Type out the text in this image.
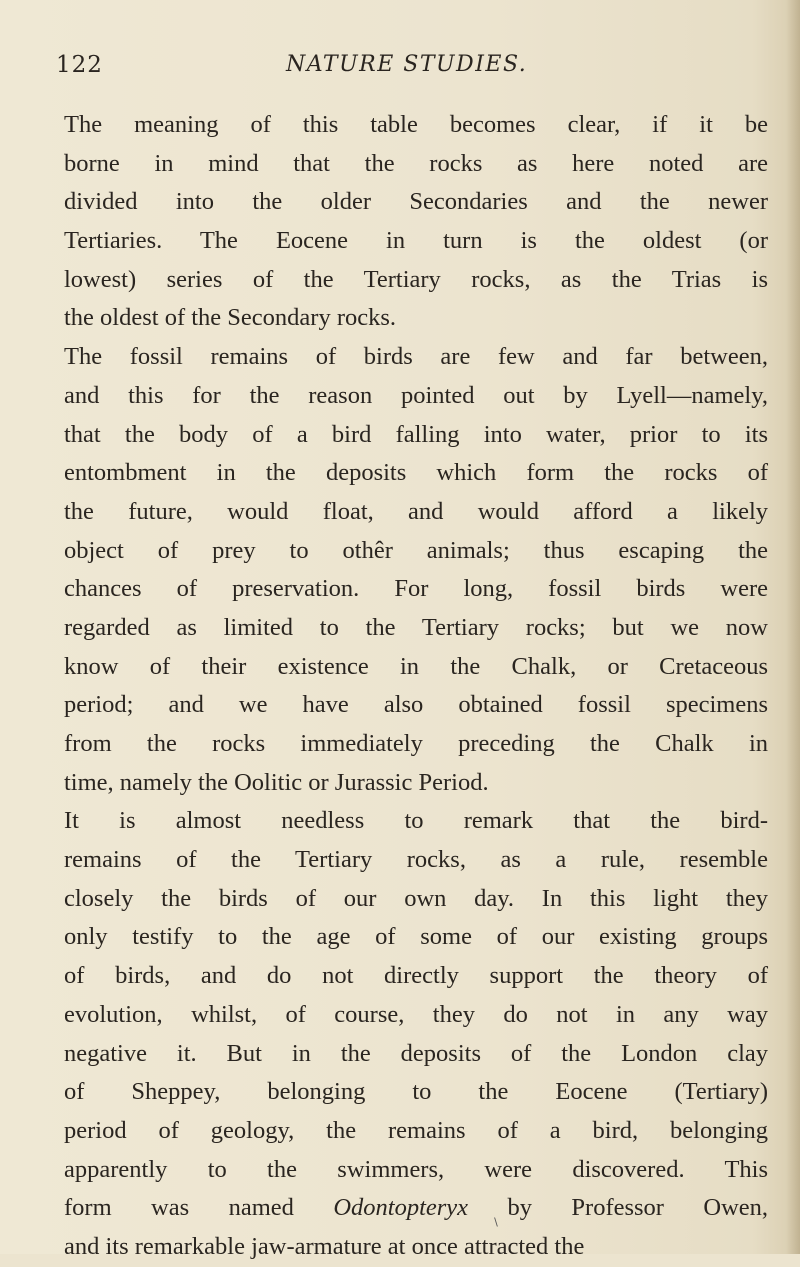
122	NATURE STUDIES.
The meaning of this table becomes clear, if it be
borne in mind that the rocks as here noted are
divided into the older Secondaries and the newer
Tertiaries. The Eocene in turn is the oldest (or
lowest) series of the Tertiary rocks, as the Trias is
the oldest of the Secondary rocks.
The fossil remains of birds are few and far between,
and this for the reason pointed out by Lyell—namely,
that the body of a bird falling into water, prior to its
entombment in the deposits which form the rocks of
the future, would float, and would afford a likely
object of prey to othêr animals; thus escaping the
chances of preservation. For long, fossil birds were
regarded as limited to the Tertiary rocks; but we now
know of their existence in the Chalk, or Cretaceous
period; and we have also obtained fossil specimens
from the rocks immediately preceding the Chalk in
time, namely the Oolitic or Jurassic Period.
It is almost needless to remark that the bird-
remains of the Tertiary rocks, as a rule, resemble
closely the birds of our own day. In this light they
only testify to the age of some of our existing groups
of birds, and do not directly support the theory of
evolution, whilst, of course, they do not in any way
negative it. But in the deposits of the London clay
of Sheppey, belonging to the Eocene (Tertiary)
period of geology, the remains of a bird, belonging
apparently to the swimmers, were discovered. This
form was named Odontopteryx by Professor Owen,
and its remarkable jaw-armature at once attracted the
∖
